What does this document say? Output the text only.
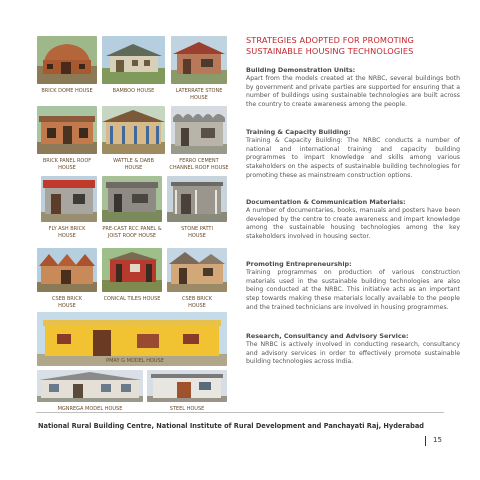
BRICK DOME HOUSE	BAMBOO HOUSE	LATERRATE STONE
HOUSE
BRICK PANEL ROOF
HOUSE
WATTLE & DABB
HOUSE
FERRO CEMENT
CHANNEL ROOF HOUSE
FLY ASH BRICK
HOUSE
PRE-CAST RCC PANEL &
JOIST ROOF HOUSE
STONE PATTI
HOUSE
CSEB BRICK
HOUSE
CONICAL TILES HOUSE	CSEB BRICK
HOUSE
PMAY G MODEL HOUSE
MGNREGA MODEL HOUSE	STEEL HOUSE
STRATEGIES ADOPTED FOR PROMOTING
SUSTAINABLE HOUSING TECHNOLOGIES
Building Demonstration Units:

Apart from the models created at the NRBC, several buildings both by government and private parties are supported for ensuring that a number of buildings using sustainable technologies are built across the country to create awareness among the people.

Training & Capacity Building:

Training & Capacity Building: The NRBC conducts a number of national and international training and capacity building programmes to impart knowledge and skills among various stakeholders on the aspects of sustainable building technologies for promoting these as mainstream construction options.

Documentation & Communication Materials:

A number of documentaries, books, manuals and posters have been developed by the centre to create awareness and impart knowledge among the sustainable housing technologies among the key stakeholders involved in housing sector.

Promoting Entrepreneurship:

Training programmes on production of various construction materials used in the sustainable building technologies are also being conducted at the NRBC. This initiative acts as an important step towards making these materials locally available to the people and the trained technicians are involved in housing programmes.

Research, Consultancy and Advisory Service:

The NRBC is actively involved in conducting research, consultancy and advisory services in order to effectively promote sustainable building technologies across India.

National Rural Building Centre, National Institute of Rural Development and Panchayati Raj, Hyderabad
15
